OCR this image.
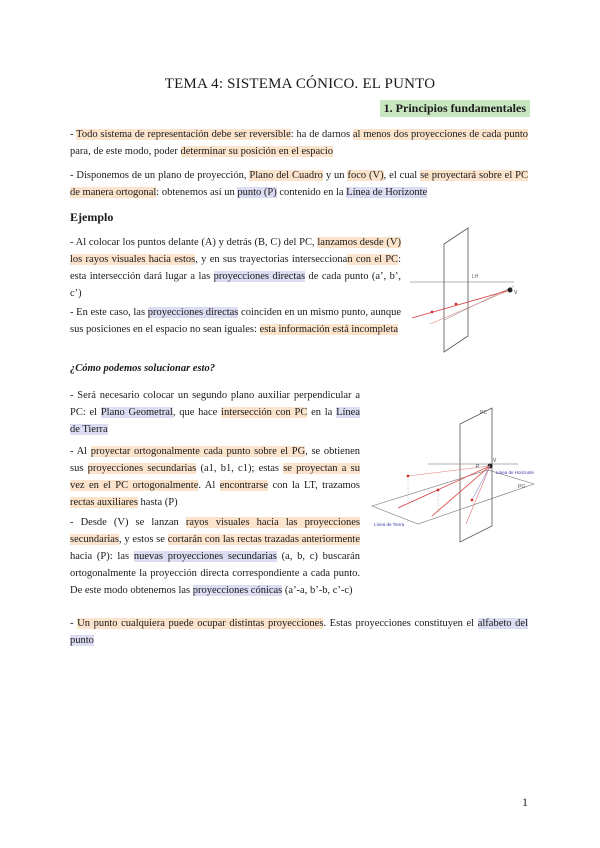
TEMA 4: SISTEMA CÓNICO. EL PUNTO
1. Principios fundamentales

- Todo sistema de representación debe ser reversible: ha de darnos al menos dos proyecciones de cada punto para, de este modo, poder determinar su posición en el espacio

- Disponemos de un plano de proyección, Plano del Cuadro y un foco (V), el cual se proyectará sobre el PC de manera ortogonal: obtenemos así un punto (P) contenido en la Línea de Horizonte

Ejemplo

- Al colocar los puntos delante (A) y detrás (B, C) del PC, lanzamos desde (V) los rayos visuales hacia estos, y en sus trayectorias interseccionan con el PC: esta intersección dará lugar a las proyecciones directas de cada punto (a’, b’, c’)

- En este caso, las proyecciones directas coinciden en un mismo punto, aunque sus posiciones en el espacio no sean iguales: esta información está incompleta

¿Cómo podemos solucionar esto?

- Será necesario colocar un segundo plano auxiliar perpendicular a PC: el Plano Geometral, que hace intersección con PC en la Línea de Tierra

- Al proyectar ortogonalmente cada punto sobre el PG, se obtienen sus proyecciones secundarias (a1, b1, c1); estas se proyectan a su vez en el PC ortogonalmente. Al encontrarse con la LT, trazamos rectas auxiliares hasta (P)

- Desde (V) se lanzan rayos visuales hacia las proyecciones secundarias, y estos se cortarán con las rectas trazadas anteriormente hacia (P): las nuevas proyecciones secundarias (a, b, c) buscarán ortogonalmente la proyección directa correspondiente a cada punto. De este modo obtenemos las proyecciones cónicas (a’-a, b’-b, c’-c)

- Un punto cualquiera puede ocupar distintas proyecciones. Estas proyecciones constituyen el alfabeto del punto

LH
V
Línea de Horizonte
Línea de Tierra
PC
PG
V
P
1
